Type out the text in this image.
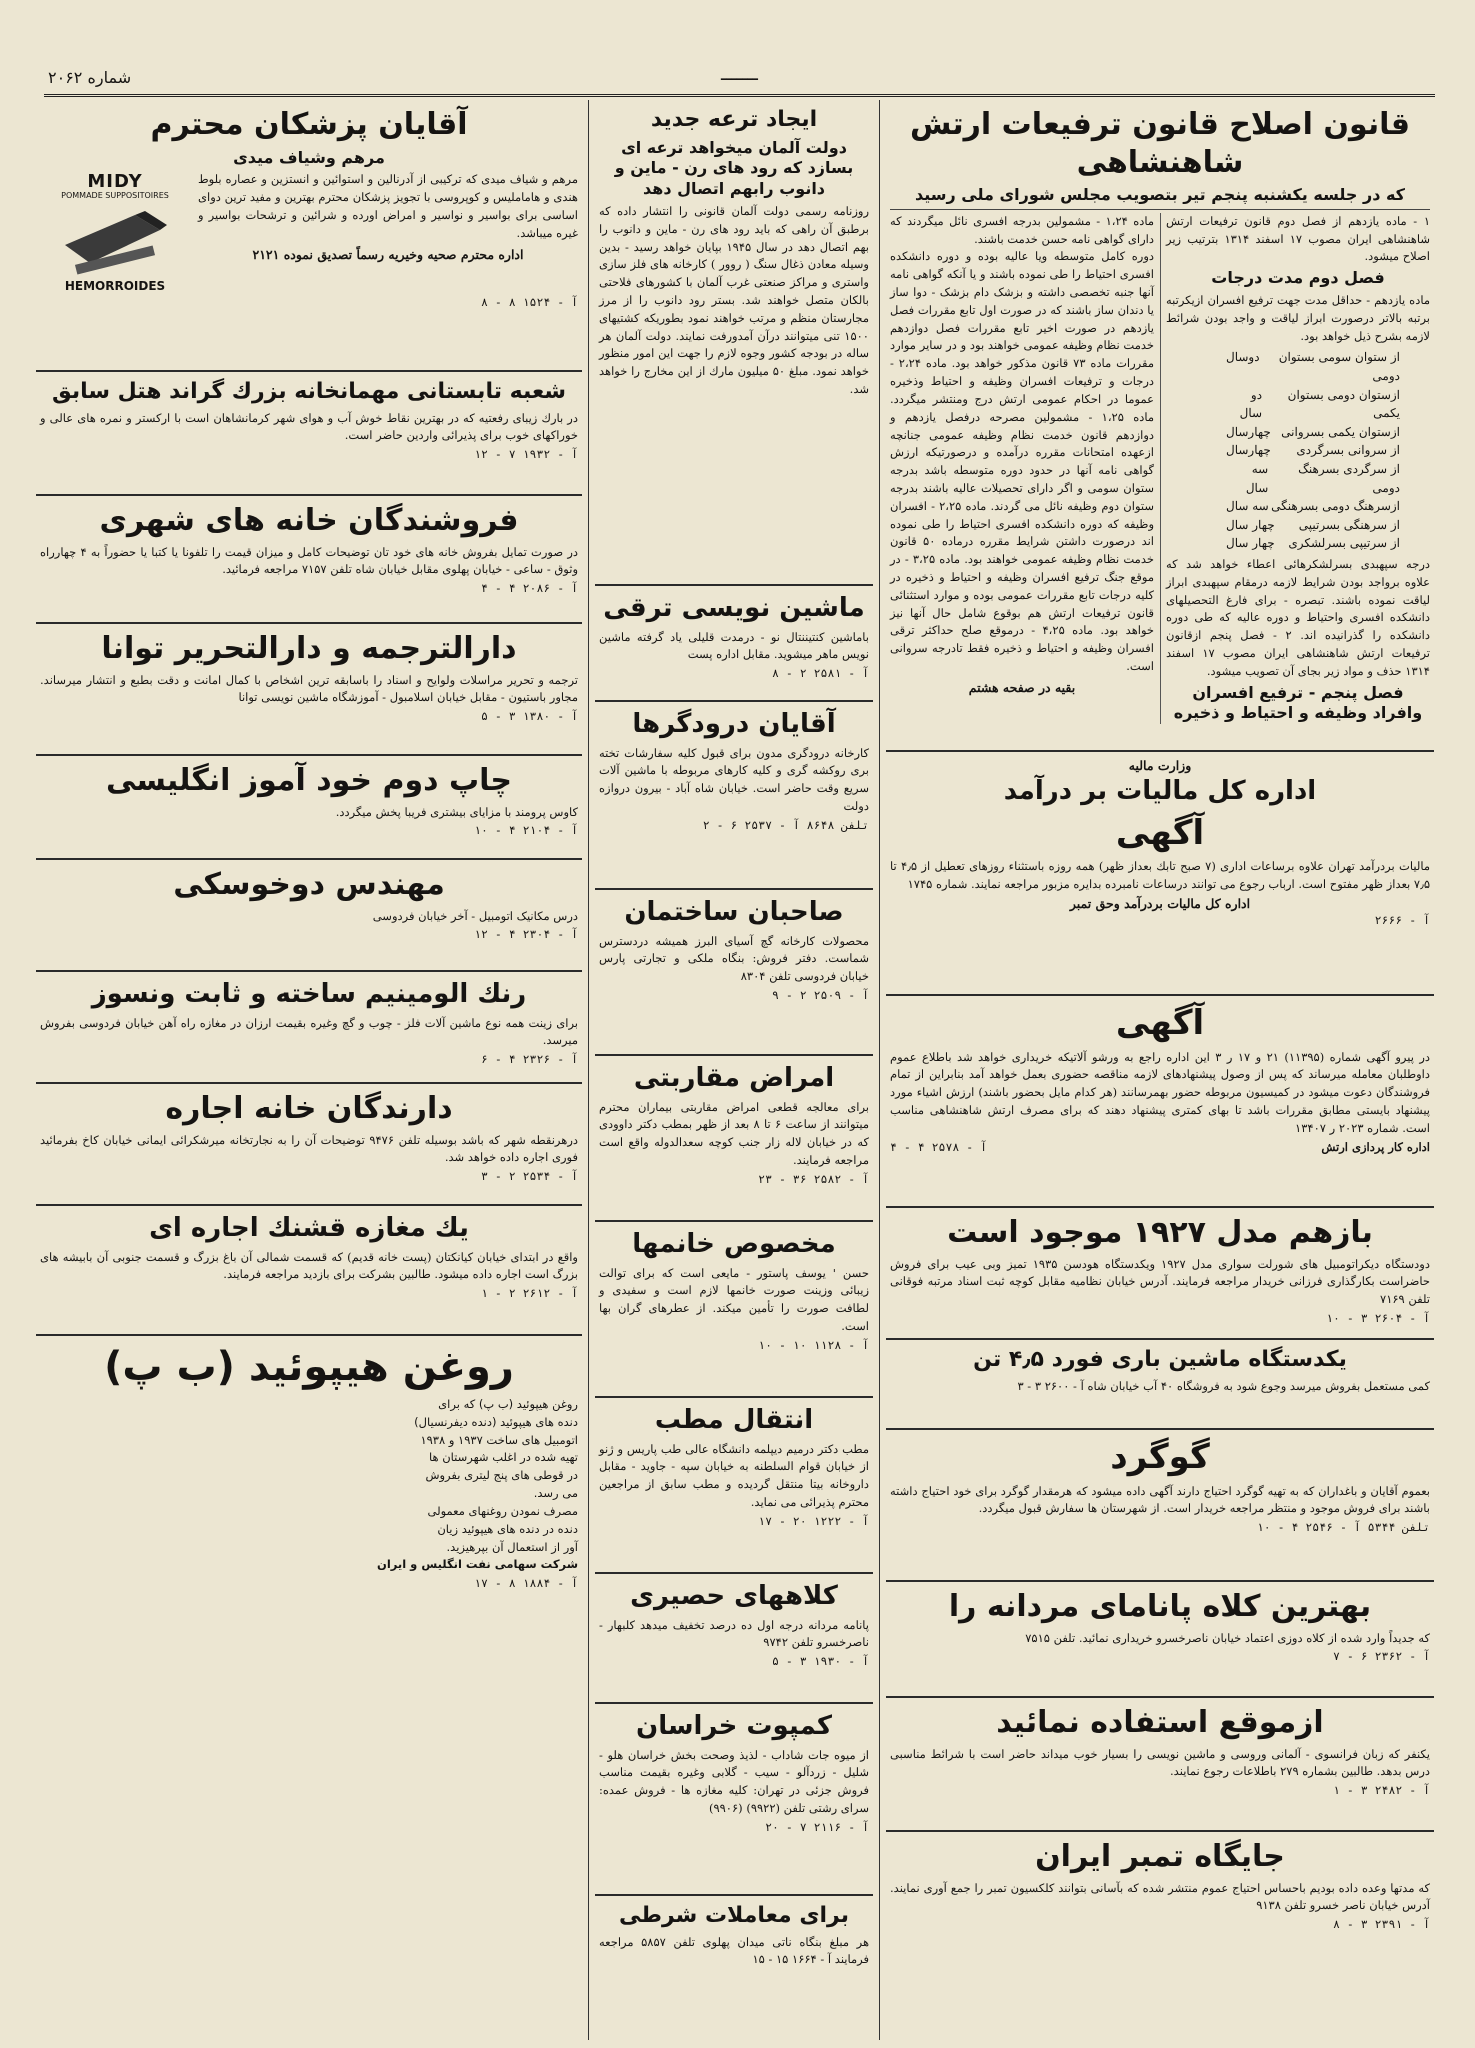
شماره ۲۰۶۲	ـــــــ
قانون اصلاح قانون ترفیعات ارتش شاهنشاهی
که در جلسه یکشنبه پنجم تیر بتصویب مجلس شورای ملی رسید

۱ - ماده یازدهم از فصل دوم قانون ترفیعات ارتش شاهنشاهی ایران مصوب ۱۷ اسفند ۱۳۱۴ بترتیب زیر اصلاح میشود.

فصل دوم مدت درجات

ماده یازدهم - حداقل مدت جهت ترفیع افسران ازیکرتبه برتبه بالاتر درصورت ابراز لیاقت و واجد بودن شرائط لازمه بشرح ذیل خواهد بود.

از ستوان سومی بستوان دومی
دوسال
ازستوان دومی بستوان یکمی
دو سال
ازستوان یکمی بسروانی
چهارسال
از سروانی بسرگردی
چهارسال
از سرگردی بسرهنگ دومی
سه سال
ازسرهنگ دومی بسرهنگی
سه سال
از سرهنگی بسرتیپی
چهار سال
از سرتیپی بسرلشکری
چهار سال

درجه سپهبدی بسرلشکرهائی اعطاء خواهد شد که علاوه برواجد بودن شرایط لازمه درمقام سپهبدی ابراز لیاقت نموده باشند. تبصره - برای فارغ التحصیلهای دانشکده افسری واحتیاط و دوره عالیه که طی دوره دانشکده را گذرانیده اند. ۲ - فصل پنجم ازقانون ترفیعات ارتش شاهنشاهی ایران مصوب ۱۷ اسفند ۱۳۱۴ حذف و مواد زیر بجای آن تصویب میشود.

فصل پنجم - ترفیع افسران وافراد وظیفه و احتیاط و ذخیره

ماده ۱،۲۴ - مشمولین بدرجه افسری نائل میگردند که دارای گواهی نامه حسن خدمت باشند.

دوره کامل متوسطه ویا عالیه بوده و دوره دانشکده افسری احتیاط را طی نموده باشند و یا آنکه گواهی نامه آنها جنبه تخصصی داشته و بزشک دام بزشک - دوا ساز یا دندان ساز باشند که در صورت اول تابع مقررات فصل یازدهم در صورت اخیر تابع مقررات فصل دوازدهم خدمت نظام وظیفه عمومی خواهند بود و در سایر موارد مقررات ماده ۷۳ قانون مذکور خواهد بود. ماده ۲،۲۴ - درجات و ترفیعات افسران وظیفه و احتیاط وذخیره عموما در احکام عمومی ارتش درج ومنتشر میگردد. ماده ۱،۲۵ - مشمولین مصرحه درفصل یازدهم و دوازدهم قانون خدمت نظام وظیفه عمومی جنانچه ازعهده امتحانات مقرره درآمده و درصورتیکه ارزش گواهی نامه آنها در حدود دوره متوسطه باشد بدرجه ستوان سومی و اگر دارای تحصیلات عالیه باشند بدرجه ستوان دوم وظیفه نائل می گردند. ماده ۲،۲۵ - افسران وظیفه که دوره دانشکده افسری احتیاط را طی نموده اند درصورت داشتن شرایط مقرره درماده ۵۰ قانون خدمت نظام وظیفه عمومی خواهند بود. ماده ۳،۲۵ - در موقع جنگ ترفیع افسران وظیفه و احتیاط و ذخیره در کلیه درجات تابع مقررات عمومی بوده و موارد استثنائی قانون ترفیعات ارتش هم بوقوع شامل حال آنها نیز خواهد بود. ماده ۴،۲۵ - درموقع صلح حداکثر ترقی افسران وظیفه و احتیاط و ذخیره فقط تادرجه سروانی است.

بقیه در صفحه هشتم

وزارت مالیه
اداره کل مالیات بر درآمد
آگهی

مالیات بردرآمد تهران علاوه برساعات اداری (۷ صبح تابك بعداز ظهر) همه روزه باستثناء روزهای تعطیل از ۴٫۵ تا ۷٫۵ بعداز ظهر مفتوح است. ارباب رجوع می توانند درساعات نامبرده بدایره مزبور مراجعه نمایند. شماره ۱۷۴۵

اداره کل مالیات بردرآمد وحق تمبر
آ - ۲۶۶۶
آگهی

در پیرو آگهی شماره (۱۱۳۹۵) ۲۱ و ۱۷ ر ۳ این اداره راجع به ورشو آلاتیکه خریداری خواهد شد باطلاع عموم داوطلبان معامله میرساند که پس از وصول پیشنهادهای لازمه مناقصه حضوری بعمل خواهد آمد بنابراین از تمام فروشندگان دعوت میشود در کمیسیون مربوطه حضور بهمرسانند (هر کدام مایل بحضور باشند) ارزش اشیاء مورد پیشنهاد بایستی مطابق مقررات باشد تا بهای کمتری پیشنهاد دهند که برای مصرف ارتش شاهنشاهی مناسب است. شماره ۲۰۲۳ ر ۱۳۴۰۷

اداره کار پردازی ارتش
آ - ۲۵۷۸ ۴ - ۴
بازهم مدل ۱۹۲۷ موجود است

دودستگاه دیکراتومبیل های شورلت سواری مدل ۱۹۲۷ ویکدستگاه هودسن ۱۹۳۵ تمیز وبی عیب برای فروش حاضراست بکارگذاری فرزانی خریدار مراجعه فرمایند. آدرس خیابان نظامیه مقابل کوچه ثبت اسناد مرتبه فوقانی تلفن ۷۱۶۹

آ - ۲۶۰۴ ۳ - ۱۰
یکدستگاه ماشین باری فورد ۴٫۵ تن

کمی مستعمل بفروش میرسد وجوع شود به فروشگاه ۴۰ آب خیابان شاه آ - ۲۶۰۰ ۳ - ۳

گوگرد

بعموم آقایان و باغداران که به تهیه گوگرد احتیاج دارند آگهی داده میشود که هرمقدار گوگرد برای خود احتیاج داشته باشند برای فروش موجود و منتظر مراجعه خریدار است. از شهرستان ها سفارش قبول میگردد.

تلفن ۵۳۴۴ آ - ۲۵۴۶ ۴ - ۱۰
بهترین کلاه پانامای مردانه را

که جدیداً وارد شده از کلاه دوزی اعتماد خیابان ناصرخسرو خریداری نمائید. تلفن ۷۵۱۵

آ - ۲۳۶۲ ۶ - ۷
ازموقع استفاده نمائید

یکنفر که زبان فرانسوی - آلمانی وروسی و ماشین نویسی را بسیار خوب میداند حاضر است با شرائط مناسبی درس بدهد. طالبین بشماره ۲۷۹ باطلاعات رجوع نمایند.

آ - ۲۴۸۲ ۳ - ۱
جایگاه تمبر ایران

که مدتها وعده داده بودیم باحساس احتیاج عموم منتشر شده که بآسانی بتوانند کلکسیون تمبر را جمع آوری نمایند. آدرس خیابان ناصر خسرو تلفن ۹۱۳۸

آ - ۲۳۹۱ ۳ - ۸
ایجاد ترعه جدید
دولت آلمان میخواهد ترعه ای بسازد که رود های رن - ماین و دانوب رابهم اتصال دهد

روزنامه رسمی دولت آلمان قانونی را انتشار داده که برطبق آن راهی که باید رود های رن - ماین و دانوب را بهم اتصال دهد در سال ۱۹۴۵ بپایان خواهد رسید - بدین وسیله معادن ذغال سنگ ( روور ) کارخانه های فلز سازی واستری و مراکز صنعتی غرب آلمان با کشورهای فلاحتی بالکان متصل خواهند شد. بستر رود دانوب را از مرز مجارستان منظم و مرتب خواهند نمود بطوریکه کشتیهای ۱۵۰۰ تنی میتوانند درآن آمدورفت نمایند. دولت آلمان هر ساله در بودجه کشور وجوه لازم را جهت این امور منظور خواهد نمود. مبلغ ۵۰ میلیون مارك از این مخارج را خواهد شد.

ماشین نویسی ترقی

باماشین کنتیننتال نو - درمدت قلیلی یاد گرفته ماشین نویس ماهر میشوید. مقابل اداره پست

آ - ۲۵۸۱ ۲ - ۸
آقایان درودگرها

کارخانه درودگری مدون برای قبول کلیه سفارشات تخته بری روکشه گری و کلیه کارهای مربوطه با ماشین آلات سریع وقت حاضر است. خیابان شاه آباد - بیرون دروازه دولت

تلفن ۸۶۴۸ آ - ۲۵۳۷ ۶ - ۲
صاحبان ساختمان

محصولات کارخانه گچ آسیای البرز همیشه دردسترس شماست. دفتر فروش: بنگاه ملکی و تجارتی پارس خیابان فردوسی تلفن ۸۳۰۴

آ - ۲۵۰۹ ۲ - ۹
امراض مقاربتی

برای معالجه قطعی امراض مقاربتی بیماران محترم میتوانند از ساعت ۶ تا ۸ بعد از ظهر بمطب دکتر داوودی که در خیابان لاله زار جنب کوچه سعدالدوله واقع است مراجعه فرمایند.

آ - ۲۵۸۲ ۳۶ - ۲۳
مخصوص خانمها

حسن ' یوسف پاستور - مایعی است که برای توالت زیبائی وزینت صورت خانمها لازم است و سفیدی و لطافت صورت را تأمین میکند. از عطرهای گران بها است.

آ - ۱۱۲۸ ۱۰ - ۱۰
انتقال مطب

مطب دکتر درمیم دیپلمه دانشگاه عالی طب پاریس و ژنو از خیابان قوام السلطنه به خیابان سپه - جاوید - مقابل داروخانه بیتا منتقل گردیده و مطب سابق از مراجعین محترم پذیرائی می نماید.

آ - ۱۲۲۲ ۲۰ - ۱۷
کلاههای حصیری

پانامه مردانه درجه اول ده درصد تخفیف میدهد کلبهار - ناصرخسرو تلفن ۹۷۴۲

آ - ۱۹۳۰ ۳ - ۵
کمپوت خراسان

از میوه جات شاداب - لذیذ وصحت بخش خراسان هلو - شلیل - زردآلو - سیب - گلابی وغیره بقیمت مناسب فروش جزئی در تهران: کلیه مغازه ها - فروش عمده: سرای رشتی تلفن (۹۹۲۲) (۹۹۰۶)

آ - ۲۱۱۶ ۷ - ۲۰
برای معاملات شرطی

هر مبلغ بنگاه ناتی میدان پهلوی تلفن ۵۸۵۷ مراجعه فرمایند آ - ۱۶۶۴ ۱۵ - ۱۵

آقایان پزشکان محترم
مرهم وشیاف میدی

مرهم و شیاف میدی که ترکیبی از آدرنالین و استوائین و انستزین و عصاره بلوط هندی و هاماملیس و کوپروسی با تجویز پزشکان محترم بهترین و مفید ترین دوای اساسی برای بواسیر و نواسیر و امراض اورده و شرائین و ترشحات بواسیر و غیره میباشد.

اداره محترم صحیه وخیریه رسماً تصدیق نموده ۲۱۲۱

MIDY
POMMADE SUPPOSITOIRES
HEMORROIDES
آ - ۱۵۲۴ ۸ - ۸
شعبه تابستانی مهمانخانه بزرك گراند هتل سابق

در بارك زیبای رفعتیه که در بهترین نقاط خوش آب و هوای شهر کرمانشاهان است با ارکستر و نمره های عالی و خوراکهای خوب برای پذیرائی واردین حاضر است.

آ - ۱۹۳۲ ۷ - ۱۲
فروشندگان خانه های شهری

در صورت تمایل بفروش خانه های خود تان توضیحات کامل و میزان قیمت را تلفونا یا کتبا یا حضوراً به ۴ چهارراه وثوق - ساعی - خیابان پهلوی مقابل خیابان شاه تلفن ۷۱۵۷ مراجعه فرمائید.

آ - ۲۰۸۶ ۴ - ۴
دارالترجمه و دارالتحریر توانا

ترجمه و تحریر مراسلات ولوایح و اسناد را باسابقه ترین اشخاص با کمال امانت و دقت بطبع و انتشار میرساند. مجاور باستیون - مقابل خیابان اسلامبول - آموزشگاه ماشین نویسی توانا

آ - ۱۳۸۰ ۳ - ۵
چاپ دوم خود آموز انگلیسی

کاوس پرومند با مزایای بیشتری فریبا پخش میگردد.

آ - ۲۱۰۴ ۴ - ۱۰
مهندس دوخوسکی

درس مکانیک اتومبیل - آخر خیابان فردوسی

آ - ۲۳۰۴ ۴ - ۱۲
رنك الومینیم ساخته و ثابت ونسوز

برای زینت همه نوع ماشین آلات فلز - چوب و گچ وغیره بقیمت ارزان در مغازه راه آهن خیابان فردوسی بفروش میرسد.

آ - ۲۳۲۶ ۴ - ۶
دارندگان خانه اجاره

درهرنقطه شهر که باشد بوسیله تلفن ۹۴۷۶ توضیحات آن را به نجارتخانه میرشکرائی ایمانی خیابان کاخ بفرمائید فوری اجاره داده خواهد شد.

آ - ۲۵۳۴ ۲ - ۳
یك مغازه قشنك اجاره ای

واقع در ابتدای خیابان کیانکتان (پست خانه قدیم) که قسمت شمالی آن باغ بزرگ و قسمت جنوبی آن بابیشه های بزرگ است اجاره داده میشود. طالبین بشرکت برای بازدید مراجعه فرمایند.

آ - ۲۶۱۲ ۲ - ۱
روغن هیپوئید (ب پ)

روغن هیپوئید (ب پ) که برای

دنده های هیپوئید (دنده دیفرنسیال)

اتومبیل های ساخت ۱۹۳۷ و ۱۹۳۸

تهیه شده در اغلب شهرستان ها

در قوطی های پنج لیتری بفروش

می رسد.

مصرف نمودن روغنهای معمولی

دنده در دنده های هیپوئید زیان

آور از استعمال آن بپرهیزید.

شرکت سهامی نفت انگلیس و ایران

آ - ۱۸۸۴ ۸ - ۱۷
